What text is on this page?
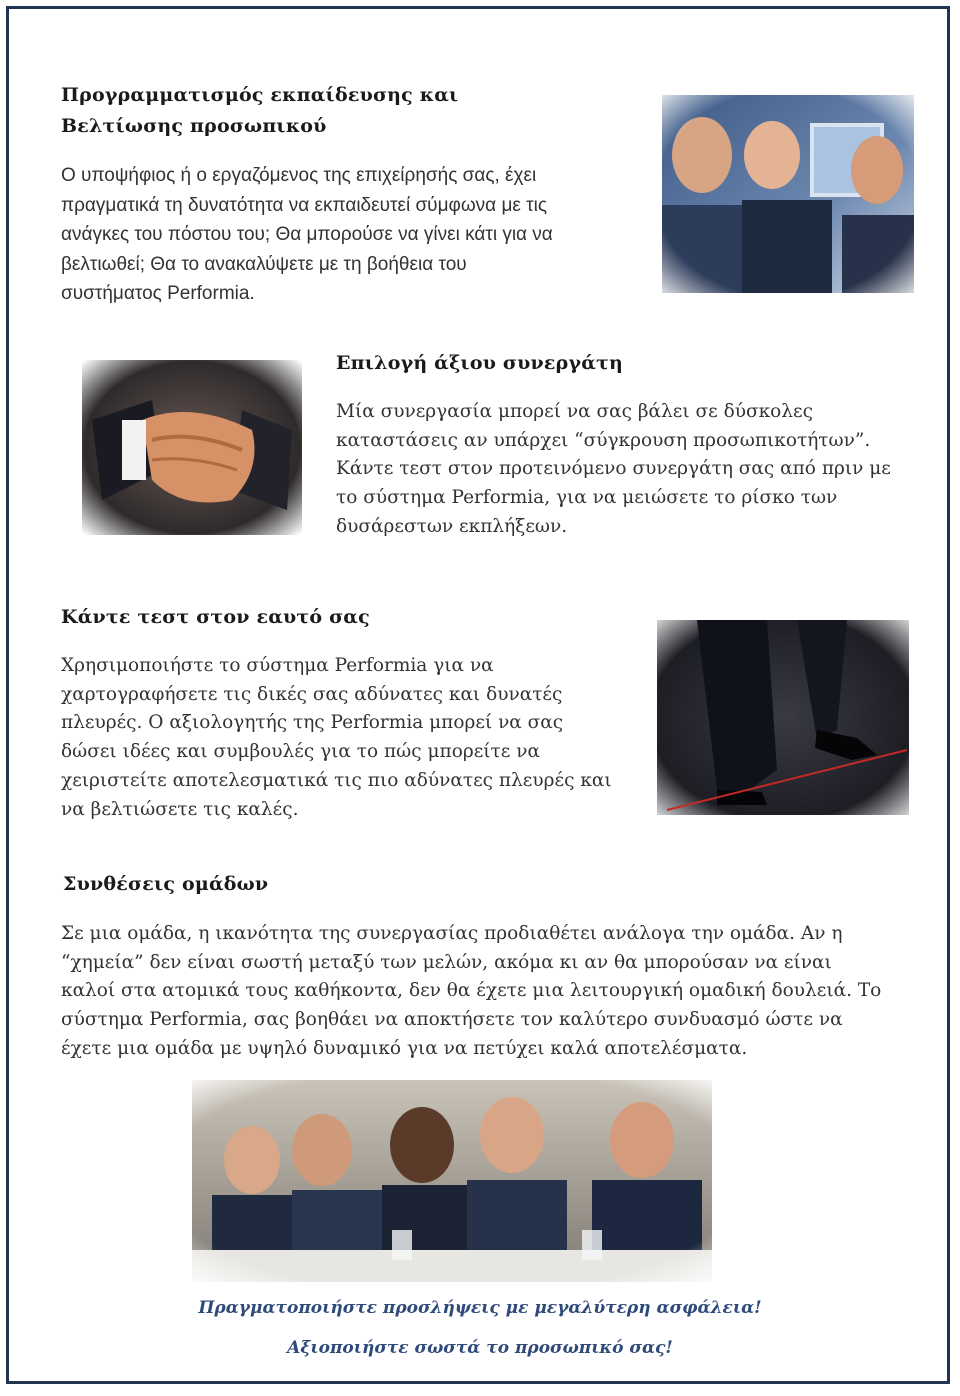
Προγραμματισμός εκπαίδευσης και
Βελτίωσης προσωπικού
Ο υποψήφιος ή ο εργαζόμενος της επιχείρησής σας, έχει
πραγματικά τη δυνατότητα να εκπαιδευτεί σύμφωνα με τις
ανάγκες του πόστου του; Θα μπορούσε να γίνει κάτι για να
βελτιωθεί; Θα το ανακαλύψετε με τη βοήθεια του
συστήματος Performia.
Επιλογή άξιου συνεργάτη
Μία συνεργασία μπορεί να σας βάλει σε δύσκολες
καταστάσεις αν υπάρχει “σύγκρουση προσωπικοτήτων”.
Κάντε τεστ στον προτεινόμενο συνεργάτη σας από πριν με
το σύστημα Performia, για να μειώσετε το ρίσκο των
δυσάρεστων εκπλήξεων.
Κάντε τεστ στον εαυτό σας
Χρησιμοποιήστε το σύστημα Performia για να
χαρτογραφήσετε τις δικές σας αδύνατες και δυνατές
πλευρές. Ο αξιολογητής της Performia μπορεί να σας
δώσει ιδέες και συμβουλές για το πώς μπορείτε να
χειριστείτε αποτελεσματικά τις πιο αδύνατες πλευρές και
να βελτιώσετε τις καλές.
Συνθέσεις ομάδων
Σε μια ομάδα, η ικανότητα της συνεργασίας προδιαθέτει ανάλογα την ομάδα. Αν η
“χημεία” δεν είναι σωστή μεταξύ των μελών, ακόμα κι αν θα μπορούσαν να είναι
καλοί στα ατομικά τους καθήκοντα, δεν θα έχετε μια λειτουργική ομαδική δουλειά. Το
σύστημα Performia, σας βοηθάει να αποκτήσετε τον καλύτερο συνδυασμό ώστε να
έχετε μια ομάδα με υψηλό δυναμικό για να πετύχει καλά αποτελέσματα.
Πραγματοποιήστε προσλήψεις με μεγαλύτερη ασφάλεια!
Αξιοποιήστε σωστά το προσωπικό σας!
